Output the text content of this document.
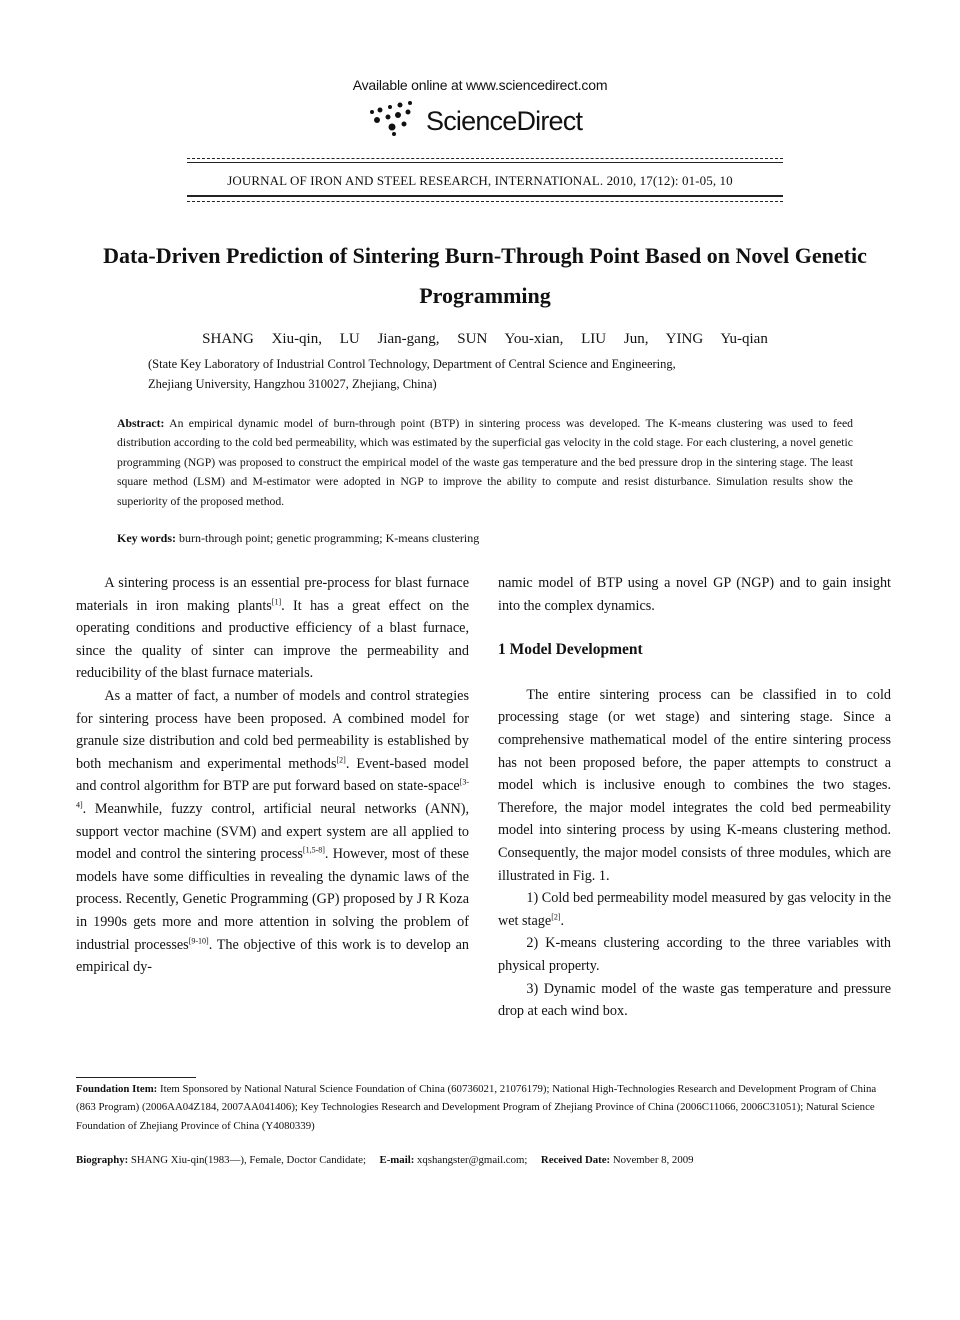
Available online at www.sciencedirect.com
ScienceDirect
JOURNAL OF IRON AND STEEL RESEARCH, INTERNATIONAL. 2010, 17(12): 01-05, 10
Data-Driven Prediction of Sintering Burn-Through Point Based on Novel Genetic Programming
SHANG Xiu-qin, LU Jian-gang, SUN You-xian, LIU Jun, YING Yu-qian
(State Key Laboratory of Industrial Control Technology, Department of Central Science and Engineering,
Zhejiang University, Hangzhou 310027, Zhejiang, China)
Abstract: An empirical dynamic model of burn-through point (BTP) in sintering process was developed. The K-means clustering was used to feed distribution according to the cold bed permeability, which was estimated by the superficial gas velocity in the cold stage. For each clustering, a novel genetic programming (NGP) was proposed to construct the empirical model of the waste gas temperature and the bed pressure drop in the sintering stage. The least square method (LSM) and M-estimator were adopted in NGP to improve the ability to compute and resist disturbance. Simulation results show the superiority of the proposed method.
Key words: burn-through point; genetic programming; K-means clustering

A sintering process is an essential pre-process for blast furnace materials in iron making plants[1]. It has a great effect on the operating conditions and productive efficiency of a blast furnace, since the quality of sinter can improve the permeability and reducibility of the blast furnace materials.

As a matter of fact, a number of models and control strategies for sintering process have been proposed. A combined model for granule size distribution and cold bed permeability is established by both mechanism and experimental methods[2]. Event-based model and control algorithm for BTP are put forward based on state-space[3-4]. Meanwhile, fuzzy control, artificial neural networks (ANN), support vector machine (SVM) and expert system are all applied to model and control the sintering process[1,5-8]. However, most of these models have some difficulties in revealing the dynamic laws of the process. Recently, Genetic Programming (GP) proposed by J R Koza in 1990s gets more and more attention in solving the problem of industrial processes[9-10]. The objective of this work is to develop an empirical dy-

namic model of BTP using a novel GP (NGP) and to gain insight into the complex dynamics.

1 Model Development

The entire sintering process can be classified in to cold processing stage (or wet stage) and sintering stage. Since a comprehensive mathematical model of the entire sintering process has not been proposed before, the paper attempts to construct a model which is inclusive enough to combines the two stages. Therefore, the major model integrates the cold bed permeability model into sintering process by using K-means clustering method. Consequently, the major model consists of three modules, which are illustrated in Fig. 1.

1) Cold bed permeability model measured by gas velocity in the wet stage[2].

2) K-means clustering according to the three variables with physical property.

3) Dynamic model of the waste gas temperature and pressure drop at each wind box.

Foundation Item: Item Sponsored by National Natural Science Foundation of China (60736021, 21076179); National High-Technologies Research and Development Program of China (863 Program) (2006AA04Z184, 2007AA041406); Key Technologies Research and Development Program of Zhejiang Province of China (2006C11066, 2006C31051); Natural Science Foundation of Zhejiang Province of China (Y4080339)
Biography: SHANG Xiu-qin(1983—), Female, Doctor Candidate; E-mail: xqshangster@gmail.com; Received Date: November 8, 2009
